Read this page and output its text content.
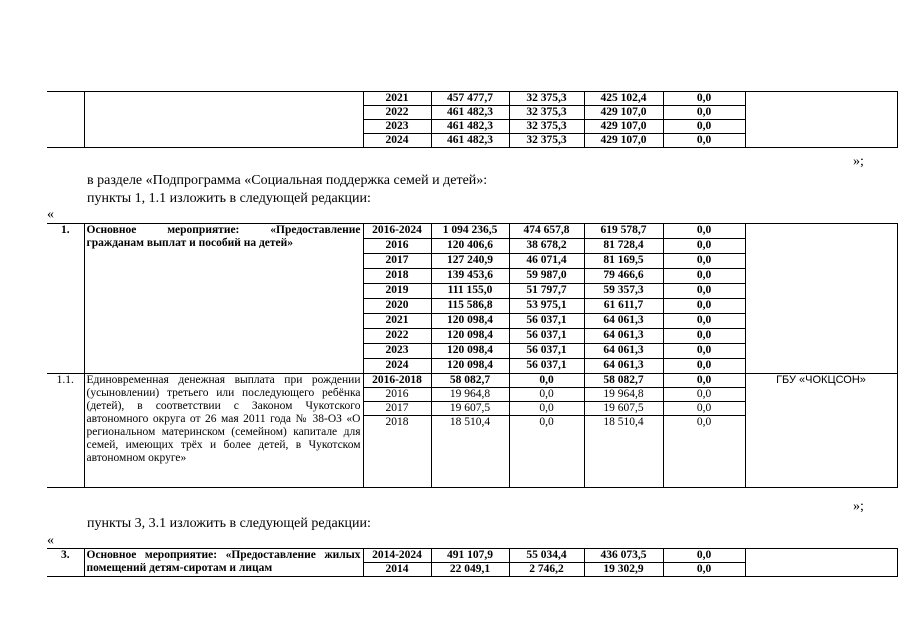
		2021	457 477,7	32 375,3	425 102,4	0,0	
		2022	461 482,3	32 375,3	429 107,0	0,0	
		2023	461 482,3	32 375,3	429 107,0	0,0	
		2024	461 482,3	32 375,3	429 107,0	0,0	
»;
в разделе «Подпрограмма «Социальная поддержка семей и детей»:
пункты 1, 1.1 изложить в следующей редакции:
«
1.	Основное мероприятие: «Предоставление гражданам выплат и пособий на детей»	2016-2024	1 094 236,5	474 657,8	619 578,7	0,0	
		2016	120 406,6	38 678,2	81 728,4	0,0	
		2017	127 240,9	46 071,4	81 169,5	0,0	
		2018	139 453,6	59 987,0	79 466,6	0,0	
		2019	111 155,0	51 797,7	59 357,3	0,0	
		2020	115 586,8	53 975,1	61 611,7	0,0	
		2021	120 098,4	56 037,1	64 061,3	0,0	
		2022	120 098,4	56 037,1	64 061,3	0,0	
		2023	120 098,4	56 037,1	64 061,3	0,0	
		2024	120 098,4	56 037,1	64 061,3	0,0	
1.1.	Единовременная денежная выплата при рождении (усыновлении) третьего или последующего ребёнка (детей), в соответствии с Законом Чукотского автономного округа от 26 мая 2011 года № 38-ОЗ «О региональном материнском (семейном) капитале для семей, имеющих трёх и более детей, в Чукотском автономном округе»	2016-2018	58 082,7	0,0	58 082,7	0,0	ГБУ «ЧОКЦСОН»
		2016	19 964,8	0,0	19 964,8	0,0	
		2017	19 607,5	0,0	19 607,5	0,0	
		2018	18 510,4	0,0	18 510,4	0,0	
»;
пункты 3, 3.1 изложить в следующей редакции:
«
3.	Основное мероприятие: «Предоставление жилых помещений детям-сиротам и лицам	2014-2024	491 107,9	55 034,4	436 073,5	0,0	
		2014	22 049,1	2 746,2	19 302,9	0,0	
